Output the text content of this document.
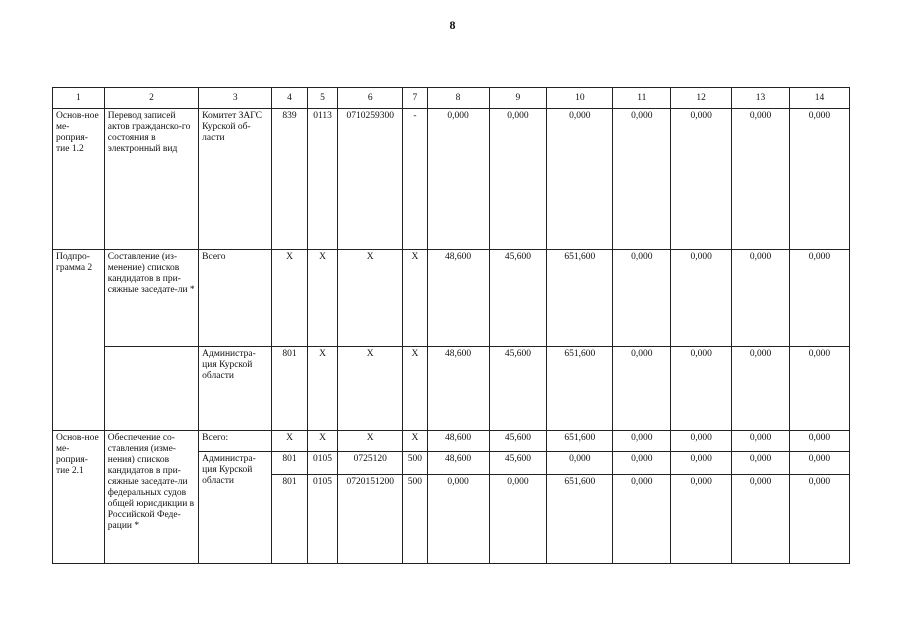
8
1	2	3	4	5	6	7	8	9	10	11	12	13	14
Основ-ное ме-роприя-тие 1.2	Перевод записей актов гражданско-го состояния в электронный вид	Комитет ЗАГС Курской об-ласти	839	0113	0710259300	-	0,000	0,000	0,000	0,000	0,000	0,000	0,000
Подпро-грамма 2	Составление (из-менение) списков кандидатов в при-сяжные заседате-ли *	Всего	X	X	X	X	48,600	45,600	651,600	0,000	0,000	0,000	0,000
		Администра-ция Курской области	801	X	X	X	48,600	45,600	651,600	0,000	0,000	0,000	0,000
Основ-ное ме-роприя-тие 2.1	Обеспечение со-ставления (изме-нения) списков кандидатов в при-сяжные заседате-ли федеральных судов общей юрисдикции в Российской Феде-рации *	Всего:	X	X	X	X	48,600	45,600	651,600	0,000	0,000	0,000	0,000
		Администра-ция Курской области	801	0105	0725120	500	48,600	45,600	0,000	0,000	0,000	0,000	0,000
			801	0105	0720151200	500	0,000	0,000	651,600	0,000	0,000	0,000	0,000
